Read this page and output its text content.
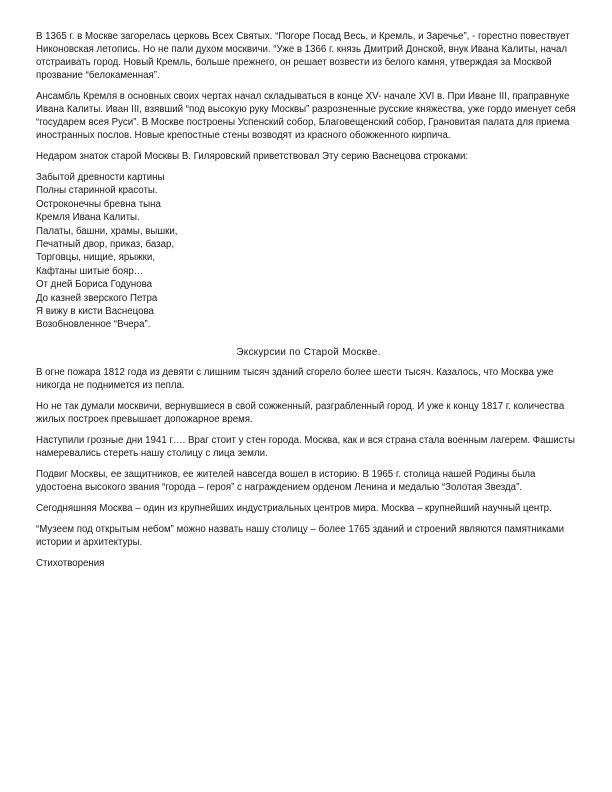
В 1365 г. в Москве загорелась церковь Всех Святых. “Погоре Посад Весь, и Кремль, и Заречье”, - горестно повествует Никоновская летопись. Но не пали духом москвичи. “Уже в 1366 г. князь Дмитрий Донской, внук Ивана Калиты, начал отстраивать город. Новый Кремль, больше прежнего, он решает возвести из белого камня, утверждая за Москвой прозвание “белокаменная”.

Ансамбль Кремля в основных своих чертах начал складываться в конце XV- начале XVI в. При Иване III, праправнуке Ивана Калиты. Иван III, взявший “под высокую руку Москвы” разрозненные русские княжества, уже гордо именует себя “государем всея Руси”. В Москве построены Успенский собор, Благовещенский собор, Грановитая палата для приема иностранных послов. Новые крепостные стены возводят из красного обожженного кирпича.

Недаром знаток старой Москвы В. Гиляровский приветствовал Эту серию Васнецова строками:

Забытой древности картины
Полны старинной красоты.
Остроконечны бревна тына
Кремля Ивана Калиты.
Палаты, башни, храмы, вышки,
Печатный двор, приказ, базар,
Торговцы, нищие, ярыжки,
Кафтаны шитые бояр…
От дней Бориса Годунова
До казней зверского Петра
Я вижу в кисти Васнецова
Возобновленное “Вчера”.
Экскурсии по Старой Москве.

В огне пожара 1812 года из девяти с лишним тысяч зданий сгорело более шести тысяч. Казалось, что Москва уже никогда не поднимется из пепла.

Но не так думали москвичи, вернувшиеся в свой сожженный, разграбленный город. И уже к концу 1817 г. количества жилых построек превышает допожарное время.

Наступили грозные дни 1941 г…. Враг стоит у стен города. Москва, как и вся страна стала военным лагерем. Фашисты намеревались стереть нашу столицу с лица земли.

Подвиг Москвы, ее защитников, ее жителей навсегда вошел в историю. В 1965 г. столица нашей Родины была удостоена высокого звания “города – героя” с награждением орденом Ленина и медалью “Золотая Звезда”.

Сегодняшняя Москва – один из крупнейших индустриальных центров мира. Москва – крупнейший научный центр.

“Музеем под открытым небом” можно назвать нашу столицу – более 1765 зданий и строений являются памятниками истории и архитектуры.

Стихотворения
